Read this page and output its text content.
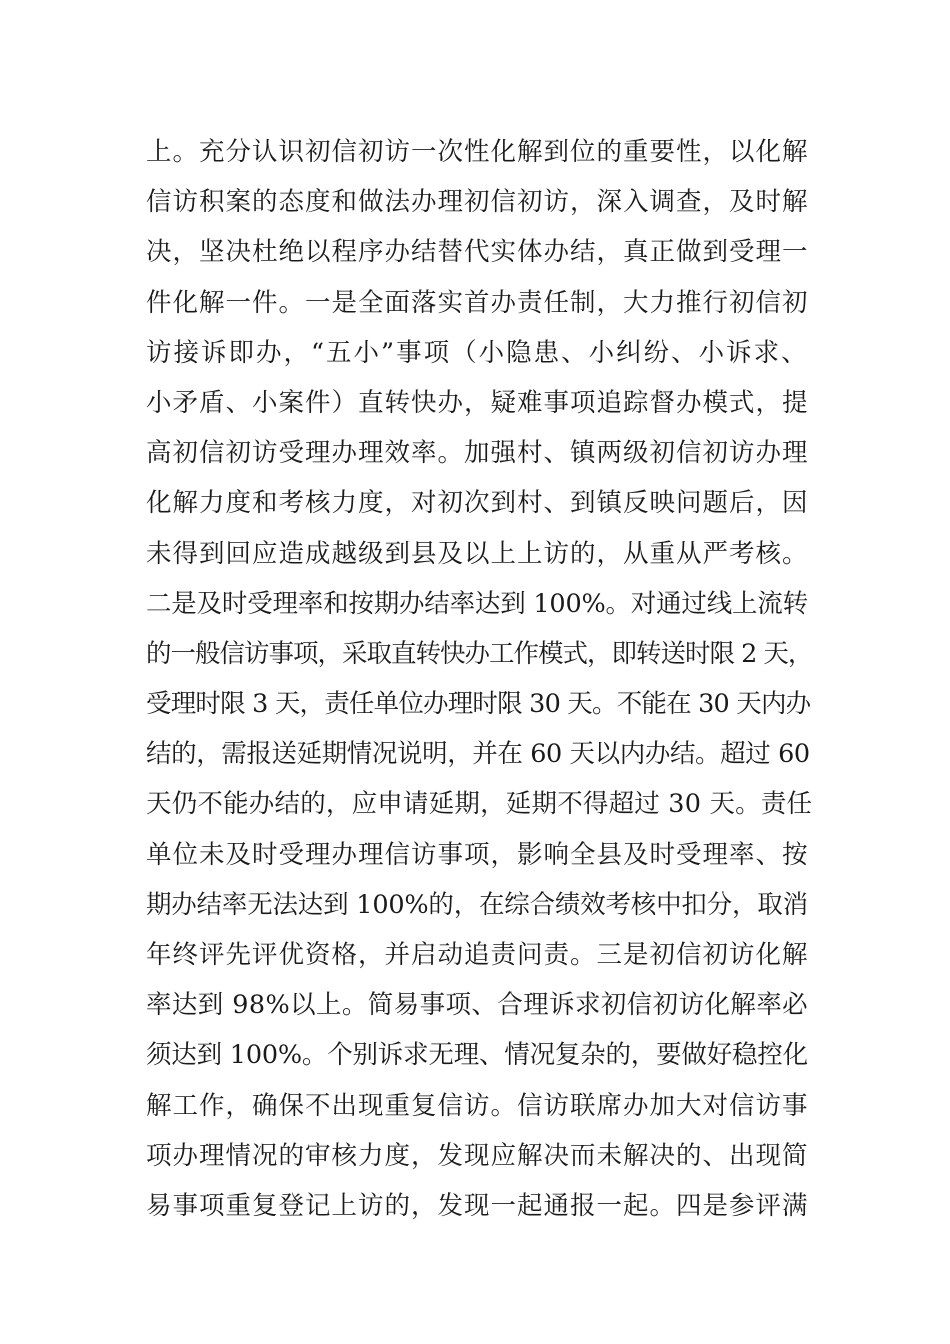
上。充分认识初信初访一次性化解到位的重要性，以化解
信访积案的态度和做法办理初信初访，深入调查，及时解
决，坚决杜绝以程序办结替代实体办结，真正做到受理一
件化解一件。一是全面落实首办责任制，大力推行初信初
访接诉即办，“五小”事项（小隐患、小纠纷、小诉求、
小矛盾、小案件）直转快办，疑难事项追踪督办模式，提
高初信初访受理办理效率。加强村、镇两级初信初访办理
化解力度和考核力度，对初次到村、到镇反映问题后，因
未得到回应造成越级到县及以上上访的，从重从严考核。
二是及时受理率和按期办结率达到 100%。对通过线上流转
的一般信访事项，采取直转快办工作模式，即转送时限 2 天，
受理时限 3 天，责任单位办理时限 30 天。不能在 30 天内办
结的，需报送延期情况说明，并在 60 天以内办结。超过 60
天仍不能办结的，应申请延期，延期不得超过 30 天。责任
单位未及时受理办理信访事项，影响全县及时受理率、按
期办结率无法达到 100%的，在综合绩效考核中扣分，取消
年终评先评优资格，并启动追责问责。三是初信初访化解
率达到 98%以上。简易事项、合理诉求初信初访化解率必
须达到 100%。个别诉求无理、情况复杂的，要做好稳控化
解工作，确保不出现重复信访。信访联席办加大对信访事
项办理情况的审核力度，发现应解决而未解决的、出现简
易事项重复登记上访的，发现一起通报一起。四是参评满
